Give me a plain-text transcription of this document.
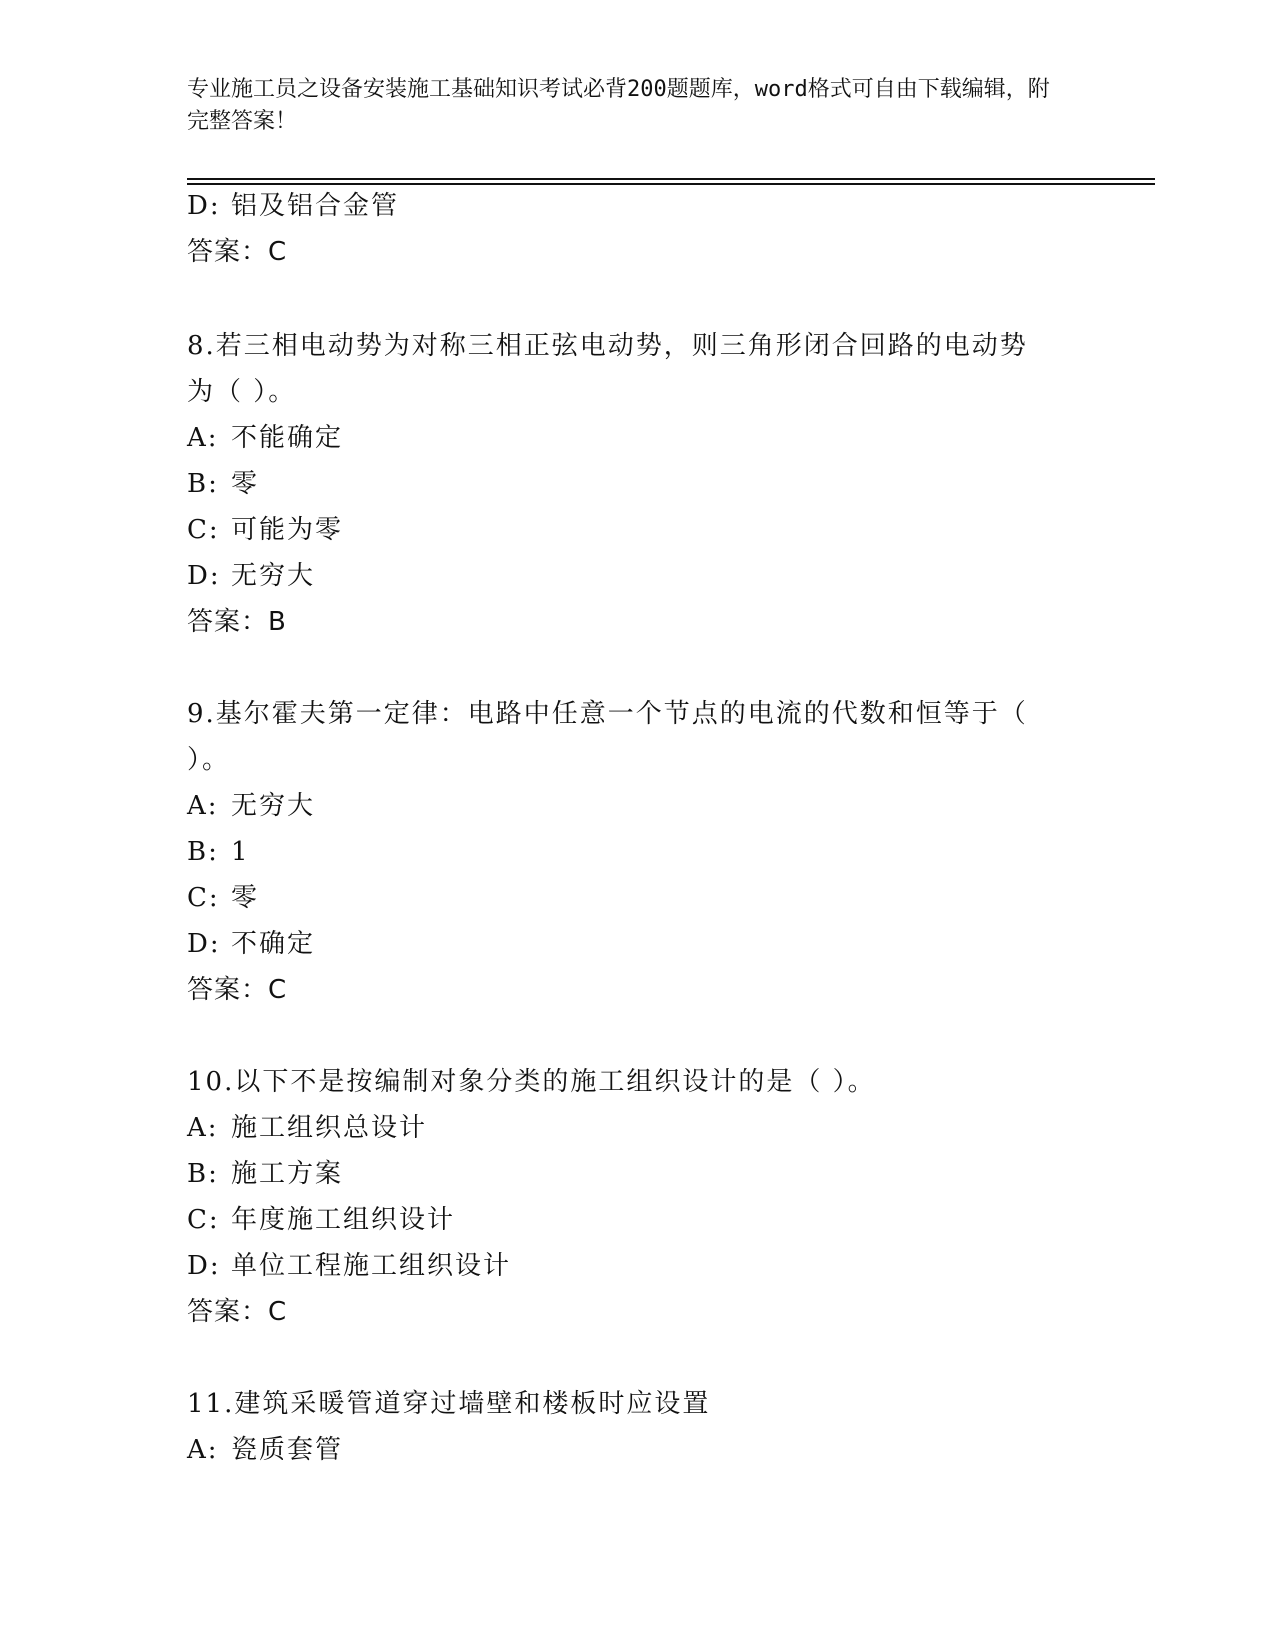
专业施工员之设备安装施工基础知识考试必背200题题库，word格式可自由下载编辑，附完整答案！
D: 铝及铝合金管
答案：C
8.若三相电动势为对称三相正弦电动势，则三角形闭合回路的电动势
为（ ）。
A: 不能确定
B: 零
C: 可能为零
D: 无穷大
答案：B
9.基尔霍夫第一定律：电路中任意一个节点的电流的代数和恒等于（
）。
A: 无穷大
B: 1
C: 零
D: 不确定
答案：C
10.以下不是按编制对象分类的施工组织设计的是（ ）。
A: 施工组织总设计
B: 施工方案
C: 年度施工组织设计
D: 单位工程施工组织设计
答案：C
11.建筑采暖管道穿过墙壁和楼板时应设置
A: 瓷质套管
